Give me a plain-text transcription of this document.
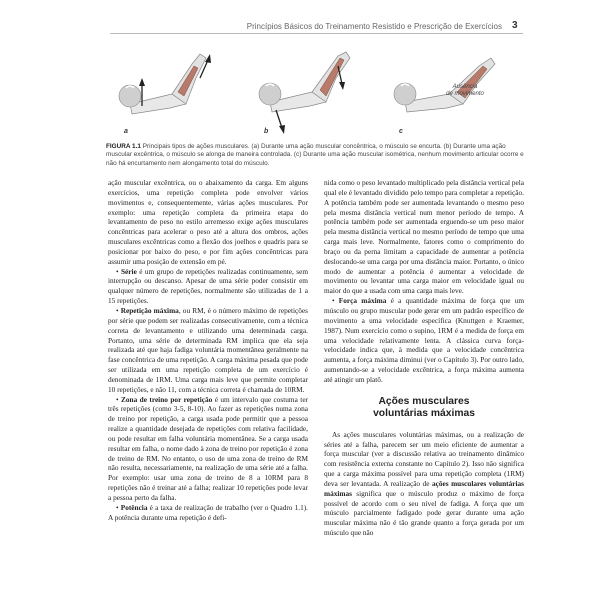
Princípios Básicos do Treinamento Resistido e Prescrição de Exercícios 3
a	b
Ausência
de movimento
c
FIGURA 1.1 Principais tipos de ações musculares. (a) Durante uma ação muscular concêntrica, o músculo se encurta. (b) Durante uma ação muscular excêntrica, o músculo se alonga de maneira controlada. (c) Durante uma ação muscular isométrica, nenhum movimento articular ocorre e não há encurtamento nem alongamento total do músculo.
ação muscular excêntrica, ou o abaixamento da carga. Em alguns exercícios, uma repetição completa pode envolver vários movimentos e, consequentemente, várias ações musculares. Por exemplo: uma repetição completa da primeira etapa do levantamento de peso no estilo arremesso exige ações musculares concêntricas para acelerar o peso até a altura dos ombros, ações musculares excêntricas como a flexão dos joelhos e quadris para se posicionar por baixo do peso, e por fim ações concêntricas para assumir uma posição de extensão em pé.
• Série é um grupo de repetições realizadas continuamente, sem interrupção ou descanso. Apesar de uma série poder consistir em qualquer número de repetições, normalmente são utilizadas de 1 a 15 repetições.
• Repetição máxima, ou RM, é o número máximo de repetições por série que podem ser realizadas consecutivamente, com a técnica correta de levantamento e utilizando uma determinada carga. Portanto, uma série de determinada RM implica que ela seja realizada até que haja fadiga voluntária momentânea geralmente na fase concêntrica de uma repetição. A carga máxima pesada que pode ser utilizada em uma repetição completa de um exercício é denominada de 1RM. Uma carga mais leve que permite completar 10 repetições, e não 11, com a técnica correta é chamada de 10RM.
• Zona de treino por repetição é um intervalo que costuma ter três repetições (como 3-5, 8-10). Ao fazer as repetições numa zona de treino por repetição, a carga usada pode permitir que a pessoa realize a quantidade desejada de repetições com relativa facilidade, ou pode resultar em falha voluntária momentânea. Se a carga usada resultar em falha, o nome dado à zona de treino por repetição é zona de treino de RM. No entanto, o uso de uma zona de treino de RM não resulta, necessariamente, na realização de uma série até a falha. Por exemplo: usar uma zona de treino de 8 a 10RM para 8 repetições não é treinar até a falha; realizar 10 repetições pode levar a pessoa perto da falha.
• Potência é a taxa de realização de trabalho (ver o Quadro 1.1). A potência durante uma repetição é defi-
nida como o peso levantado multiplicado pela distância vertical pela qual ele é levantado dividido pelo tempo para completar a repetição. A potência também pode ser aumentada levantando o mesmo peso pela mesma distância vertical num menor período de tempo. A potência também pode ser aumentada erguendo-se um peso maior pela mesma distância vertical no mesmo período de tempo que uma carga mais leve. Normalmente, fatores como o comprimento do braço ou da perna limitam a capacidade de aumentar a potência deslocando-se uma carga por uma distância maior. Portanto, o único modo de aumentar a potência é aumentar a velocidade de movimento ou levantar uma carga maior em velocidade igual ou maior do que a usada com uma carga mais leve.
• Força máxima é a quantidade máxima de força que um músculo ou grupo muscular pode gerar em um padrão específico de movimento a uma velocidade específica (Knuttgen e Kraemer, 1987). Num exercício como o supino, 1RM é a medida de força em uma velocidade relativamente lenta. A clássica curva força-velocidade indica que, à medida que a velocidade concêntrica aumenta, a força máxima diminui (ver o Capítulo 3). Por outro lado, aumentando-se a velocidade excêntrica, a força máxima aumenta até atingir um platô.
Ações musculares
voluntárias máximas
As ações musculares voluntárias máximas, ou a realização de séries até a falha, parecem ser um meio eficiente de aumentar a força muscular (ver a discussão relativa ao treinamento dinâmico com resistência externa constante no Capítulo 2). Isso não significa que a carga máxima possível para uma repetição completa (1RM) deva ser levantada. A realização de ações musculares voluntárias máximas significa que o músculo produz o máximo de força possível de acordo com o seu nível de fadiga. A força que um músculo parcialmente fadigado pode gerar durante uma ação muscular máxima não é tão grande quanto a força gerada por um músculo que não
